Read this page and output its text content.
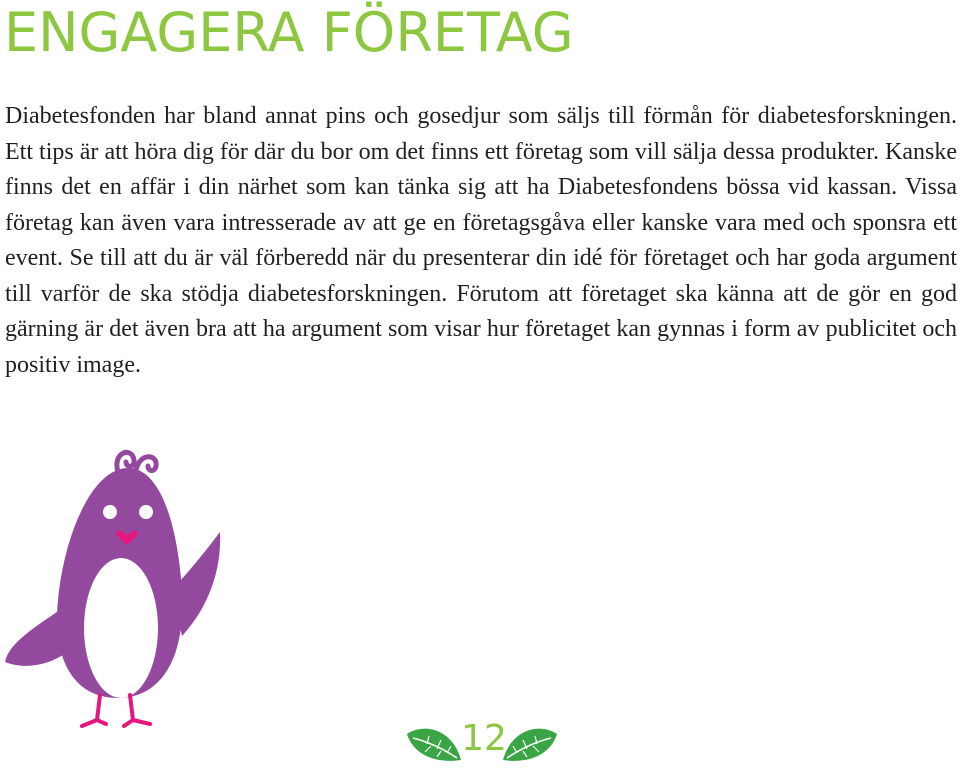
ENGAGERA FÖRETAG

Diabetesfonden har bland annat pins och gosedjur som säljs till förmån för diabetesforskningen. Ett tips är att höra dig för där du bor om det finns ett företag som vill sälja dessa produkter. Kanske finns det en affär i din närhet som kan tänka sig att ha Diabetesfondens bössa vid kassan. Vissa företag kan även vara intresserade av att ge en företagsgåva eller kanske vara med och sponsra ett event. Se till att du är väl förberedd när du presenterar din idé för företaget och har goda argument till varför de ska stödja diabetesforskningen. Förutom att företaget ska känna att de gör en god gärning är det även bra att ha argument som visar hur företaget kan gynnas i form av publicitet och positiv image.

12
